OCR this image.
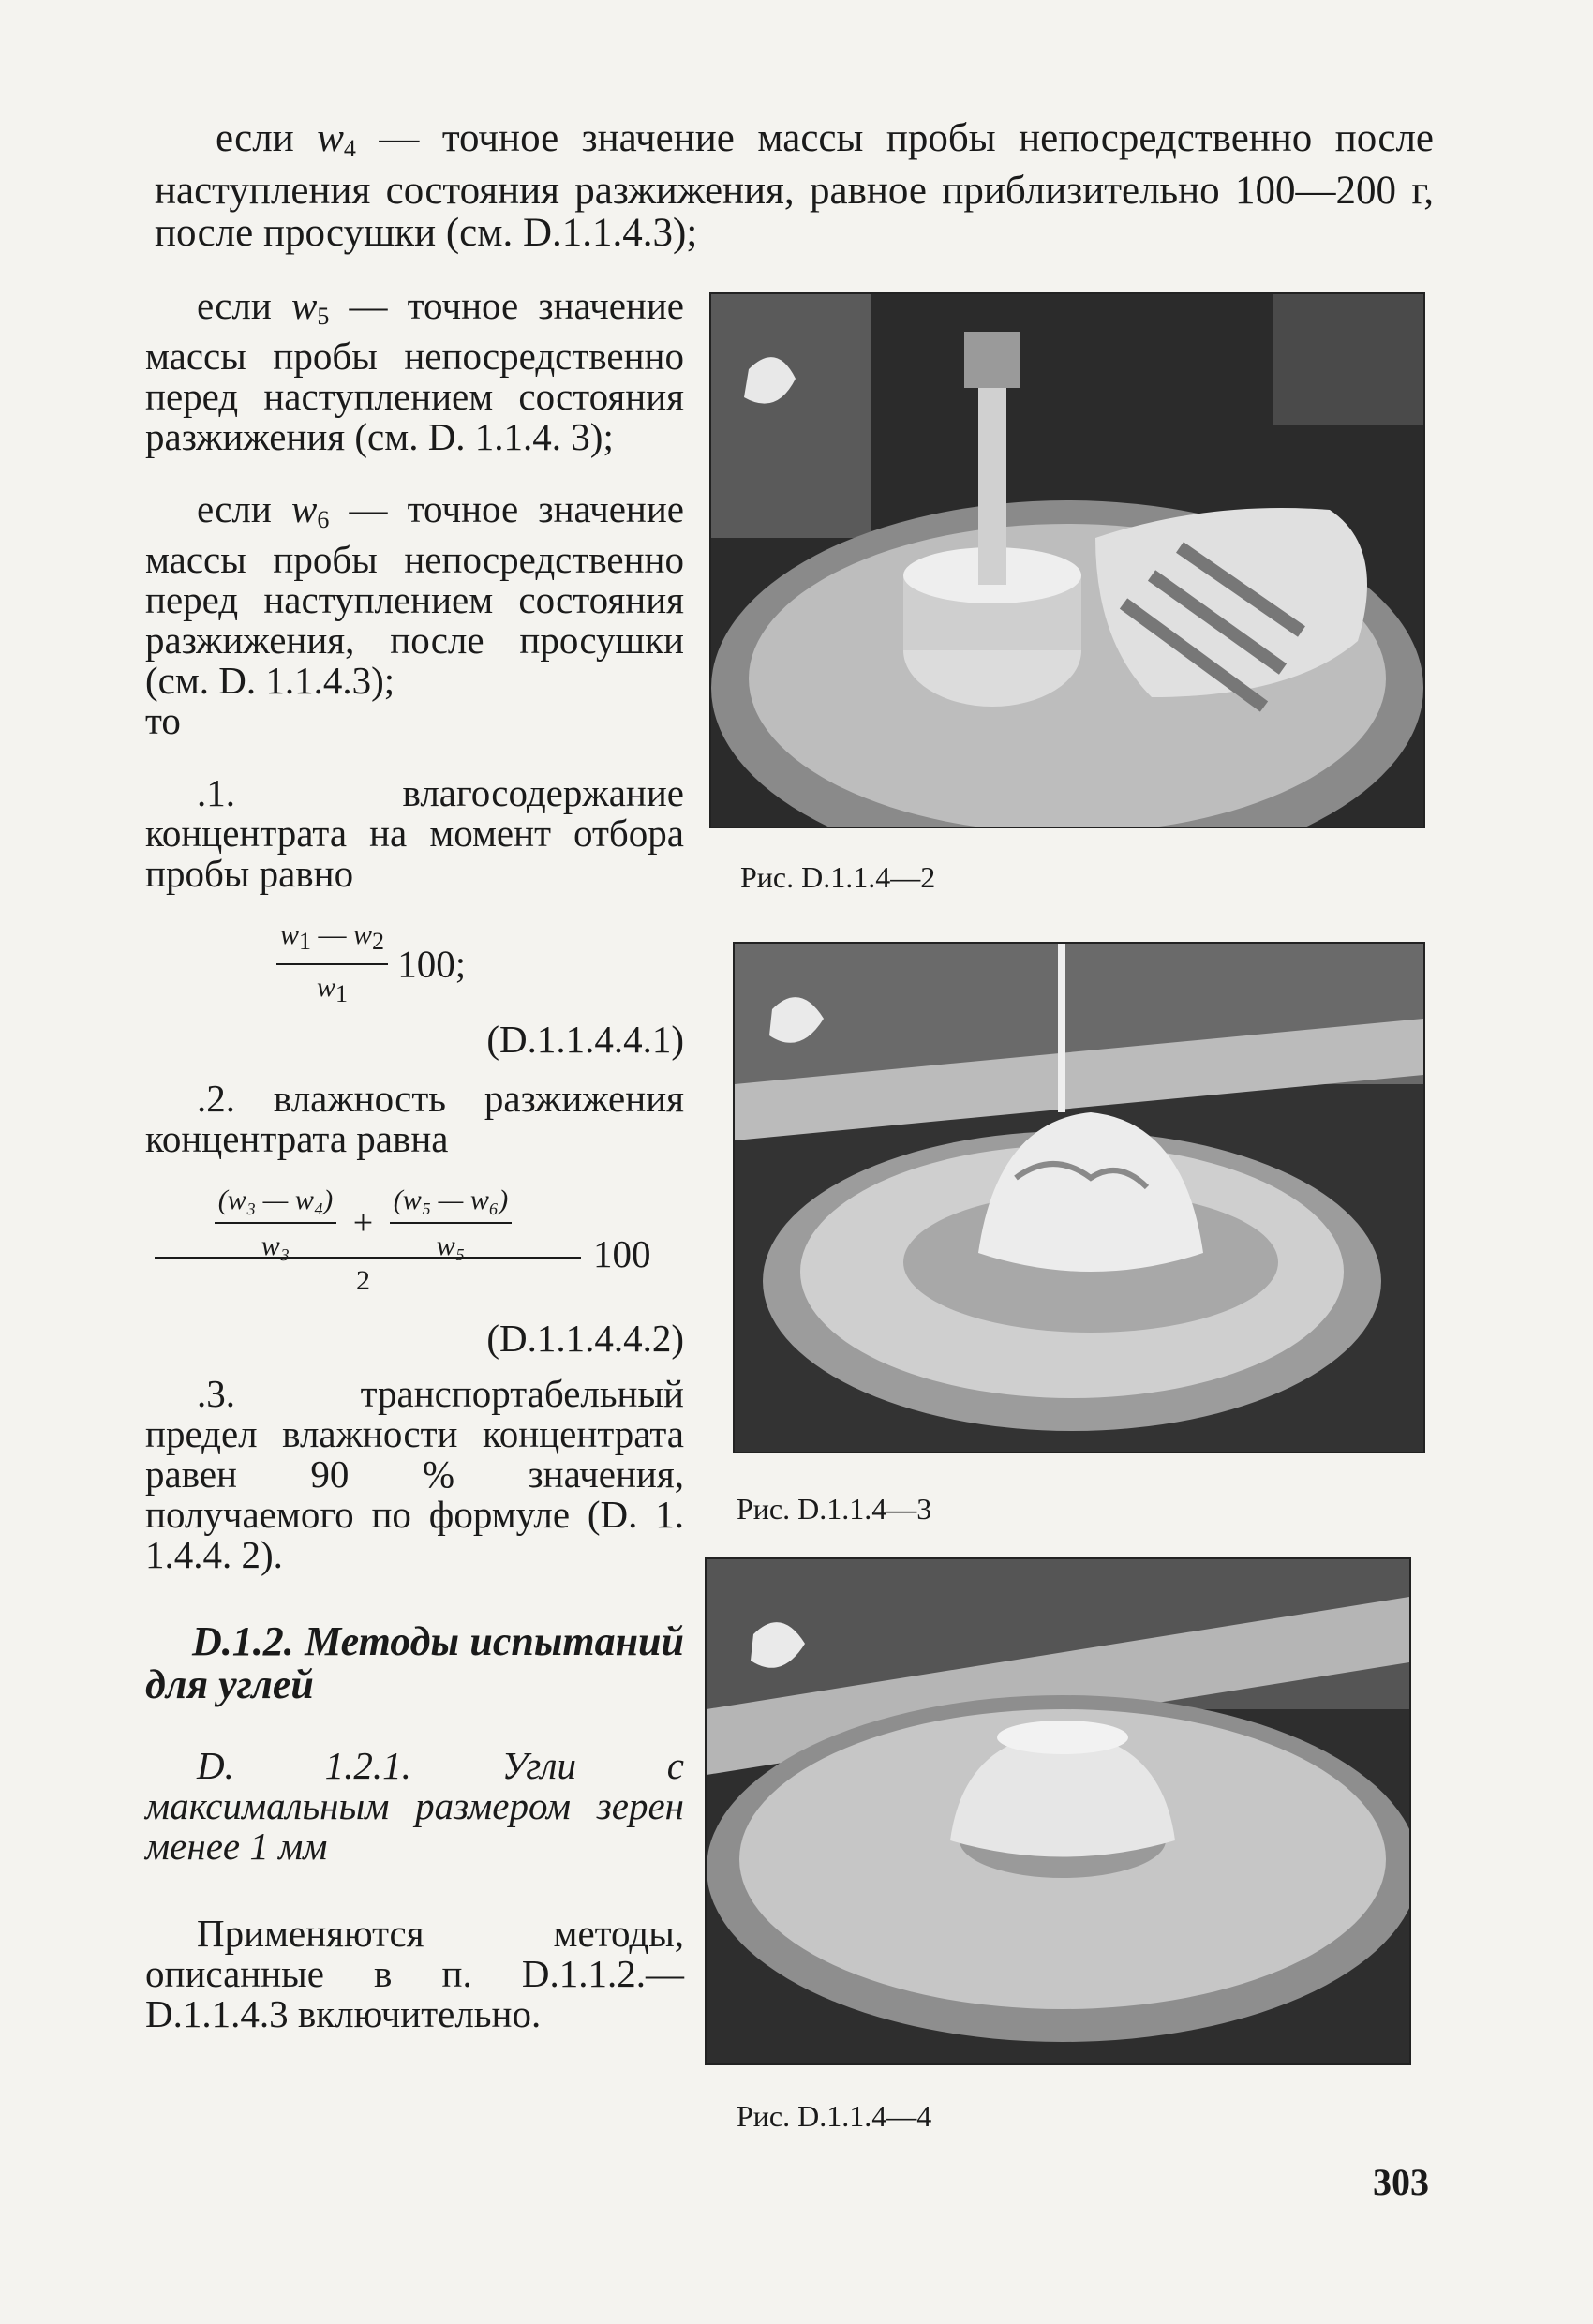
если $w_4$ — точное значение массы пробы непосредственно после наступления состояния разжижения, равное приблизительно 100—200 г, после просушки (см. D.1.1.4.3);

если $w_5$ — точное значение массы пробы непосредственно перед наступлением состояния разжижения (см. D. 1.1.4. 3);

если $w_6$ — точное значение массы пробы непосредственно перед наступлением состояния разжижения, после просушки (см. D. 1.1.4.3);
то

.1. влагосодержание концентрата на момент отбора пробы равно

$\frac{w1 — w2}{w1} 100$;
(D.1.1.4.4.1)

.2. влажность разжижения концентрата равна

$\frac{\text{(w₃ — w₄)}}{\text{w₃}} + \frac{\text{(w₅ — w₆)}}{\text{w₅}}$
2
100
(D.1.1.4.4.2)

.3. транспортабельный предел влажности концентрата равен 90 % значения, получаемого по формуле (D. 1. 1.4.4. 2).

D.1.2. Методы испытаний для углей

D. 1.2.1. Угли с максимальным размером зерен менее 1 мм

Применяются методы, описанные в п. D.1.1.2.— D.1.1.4.3 включительно.

Рис. D.1.1.4—2
Рис. D.1.1.4—3
Рис. D.1.1.4—4
303
